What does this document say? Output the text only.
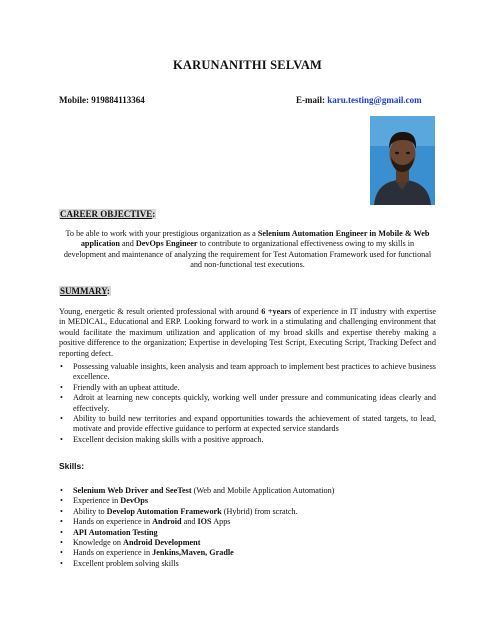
KARUNANITHI SELVAM
Mobile: 919884113364	E-mail: karu.testing@gmail.com
CAREER OBJECTIVE:
To be able to work with your prestigious organization as a Selenium Automation Engineer in Mobile & Web application and DevOps Engineer to contribute to organizational effectiveness owing to my skills in development and maintenance of analyzing the requirement for Test Automation Framework used for functional and non-functional test executions.
SUMMARY:
Young, energetic & result oriented professional with around 6 +years of experience in IT industry with expertise in MEDICAL, Educational and ERP. Looking forward to work in a stimulating and challenging environment that would facilitate the maximum utilization and application of my broad skills and expertise thereby making a positive difference to the organization; Expertise in developing Test Script, Executing Script, Tracking Defect and reporting defect.
• Possessing valuable insights, keen analysis and team approach to implement best practices to achieve business excellence.
• Friendly with an upbeat attitude.
• Adroit at learning new concepts quickly, working well under pressure and communicating ideas clearly and effectively.
• Ability to build new territories and expand opportunities towards the achievement of stated targets, to lead, motivate and provide effective guidance to perform at expected service standards
• Excellent decision making skills with a positive approach.
Skills:
• Selenium Web Driver and SeeTest (Web and Mobile Application Automation)
• Experience in DevOps
• Ability to Develop Automation Framework (Hybrid) from scratch.
• Hands on experience in Android and IOS Apps
• API Automation Testing
• Knowledge on Android Development
• Hands on experience in Jenkins,Maven, Gradle
• Excellent problem solving skills
